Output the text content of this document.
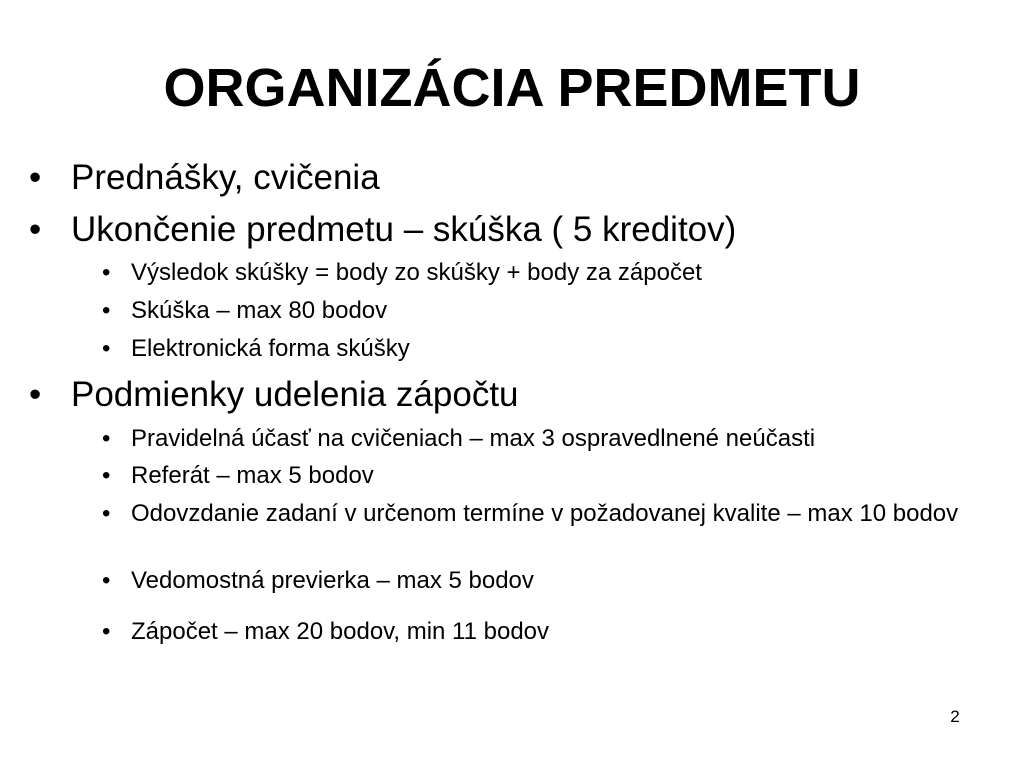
ORGANIZÁCIA PREDMETU
• Prednášky, cvičenia
• Ukončenie predmetu – skúška ( 5 kreditov)
• Výsledok skúšky = body zo skúšky + body za zápočet
• Skúška – max 80 bodov
• Elektronická forma skúšky
• Podmienky udelenia zápočtu
• Pravidelná účasť na cvičeniach – max 3 ospravedlnené neúčasti
• Referát – max 5 bodov
• Odovzdanie zadaní v určenom termíne v požadovanej kvalite – max 10 bodov
• Vedomostná previerka – max 5 bodov
• Zápočet – max 20 bodov, min 11 bodov
2
